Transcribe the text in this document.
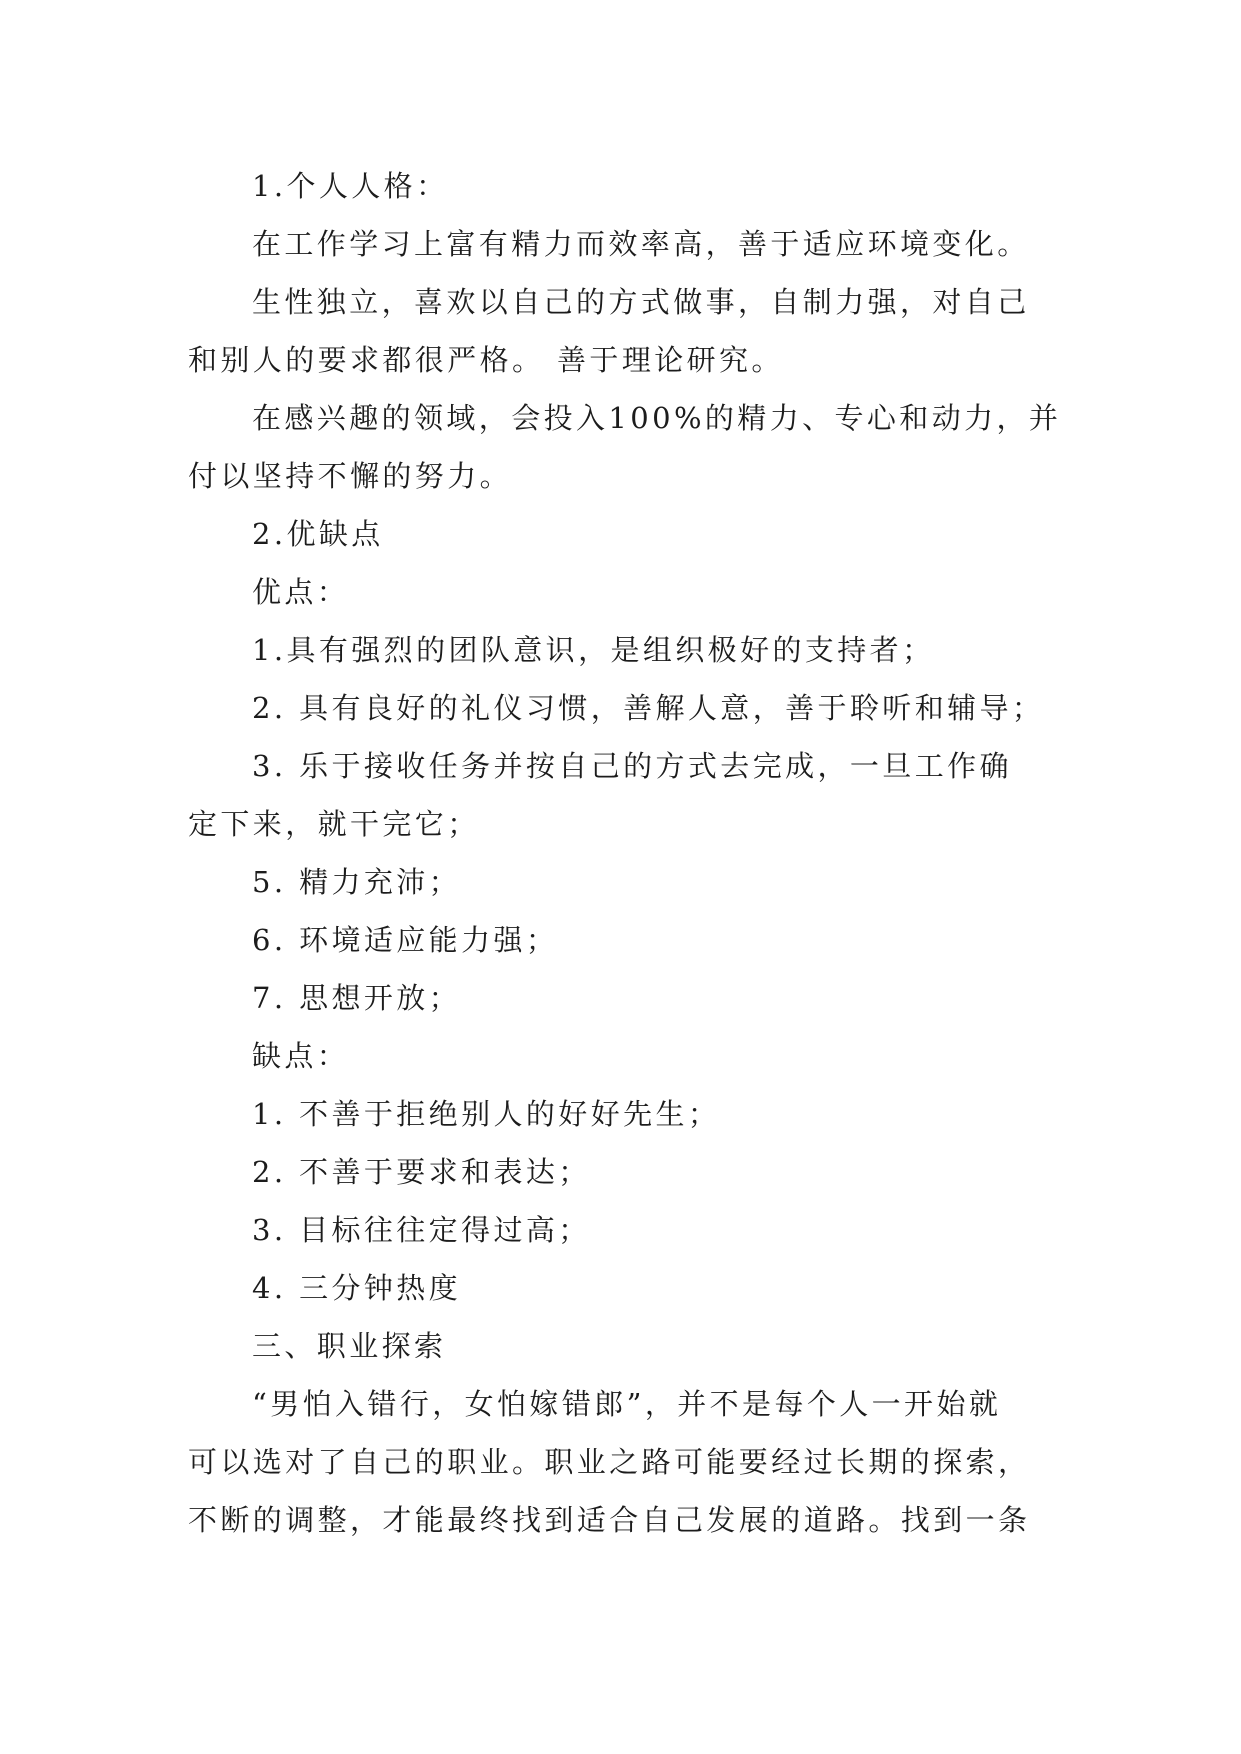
1.个人人格：
在工作学习上富有精力而效率高，善于适应环境变化。
生性独立，喜欢以自己的方式做事，自制力强，对自己
和别人的要求都很严格。 善于理论研究。
在感兴趣的领域，会投入100%的精力、专心和动力，并
付以坚持不懈的努力。
2.优缺点
优点：
1.具有强烈的团队意识，是组织极好的支持者；
2. 具有良好的礼仪习惯，善解人意，善于聆听和辅导；
3. 乐于接收任务并按自己的方式去完成，一旦工作确
定下来，就干完它；
5. 精力充沛；
6. 环境适应能力强；
7. 思想开放；
缺点：
1. 不善于拒绝别人的好好先生；
2. 不善于要求和表达；
3. 目标往往定得过高；
4. 三分钟热度
三、职业探索
“男怕入错行，女怕嫁错郎”，并不是每个人一开始就
可以选对了自己的职业。职业之路可能要经过长期的探索，
不断的调整，才能最终找到适合自己发展的道路。找到一条
